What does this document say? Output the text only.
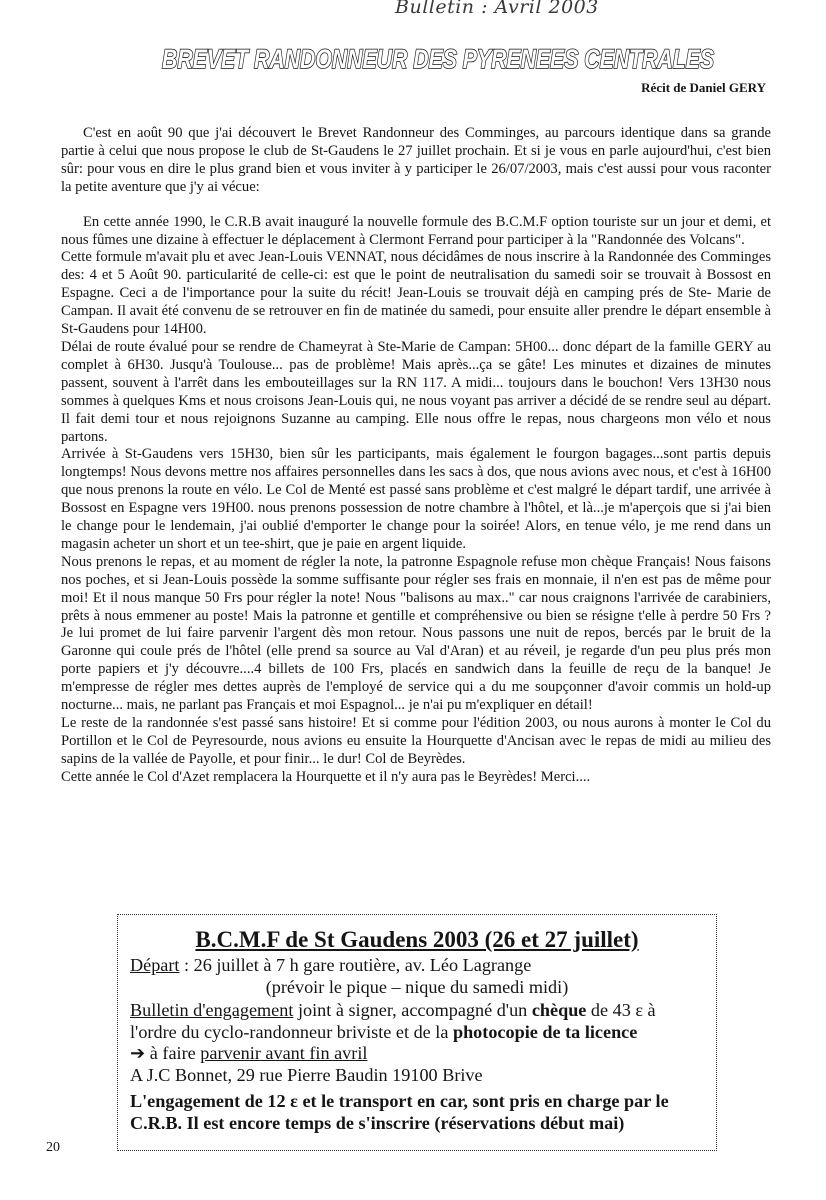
Bulletin : Avril 2003
BREVET RANDONNEUR DES PYRENEES CENTRALES
Récit de Daniel GERY

C'est en août 90 que j'ai découvert le Brevet Randonneur des Comminges, au parcours identique dans sa grande partie à celui que nous propose le club de St-Gaudens le 27 juillet prochain. Et si je vous en parle aujourd'hui, c'est bien sûr: pour vous en dire le plus grand bien et vous inviter à y participer le 26/07/2003, mais c'est aussi pour vous raconter la petite aventure que j'y ai vécue:

En cette année 1990, le C.R.B avait inauguré la nouvelle formule des B.C.M.F option touriste sur un jour et demi, et nous fûmes une dizaine à effectuer le déplacement à Clermont Ferrand pour participer à la "Randonnée des Volcans".

Cette formule m'avait plu et avec Jean-Louis VENNAT, nous décidâmes de nous inscrire à la Randonnée des Comminges des: 4 et 5 Août 90. particularité de celle-ci: est que le point de neutralisation du samedi soir se trouvait à Bossost en Espagne. Ceci a de l'importance pour la suite du récit! Jean-Louis se trouvait déjà en camping prés de Ste- Marie de Campan. Il avait été convenu de se retrouver en fin de matinée du samedi, pour ensuite aller prendre le départ ensemble à St-Gaudens pour 14H00.

Délai de route évalué pour se rendre de Chameyrat à Ste-Marie de Campan: 5H00... donc départ de la famille GERY au complet à 6H30. Jusqu'à Toulouse... pas de problème! Mais après...ça se gâte! Les minutes et dizaines de minutes passent, souvent à l'arrêt dans les embouteillages sur la RN 117. A midi... toujours dans le bouchon! Vers 13H30 nous sommes à quelques Kms et nous croisons Jean-Louis qui, ne nous voyant pas arriver a décidé de se rendre seul au départ. Il fait demi tour et nous rejoignons Suzanne au camping. Elle nous offre le repas, nous chargeons mon vélo et nous partons.

Arrivée à St-Gaudens vers 15H30, bien sûr les participants, mais également le fourgon bagages...sont partis depuis longtemps! Nous devons mettre nos affaires personnelles dans les sacs à dos, que nous avions avec nous, et c'est à 16H00 que nous prenons la route en vélo. Le Col de Menté est passé sans problème et c'est malgré le départ tardif, une arrivée à Bossost en Espagne vers 19H00. nous prenons possession de notre chambre à l'hôtel, et là...je m'aperçois que si j'ai bien le change pour le lendemain, j'ai oublié d'emporter le change pour la soirée! Alors, en tenue vélo, je me rend dans un magasin acheter un short et un tee-shirt, que je paie en argent liquide.

Nous prenons le repas, et au moment de régler la note, la patronne Espagnole refuse mon chèque Français! Nous faisons nos poches, et si Jean-Louis possède la somme suffisante pour régler ses frais en monnaie, il n'en est pas de même pour moi! Et il nous manque 50 Frs pour régler la note! Nous "balisons au max.." car nous craignons l'arrivée de carabiniers, prêts à nous emmener au poste! Mais la patronne et gentille et compréhensive ou bien se résigne t'elle à perdre 50 Frs ? Je lui promet de lui faire parvenir l'argent dès mon retour. Nous passons une nuit de repos, bercés par le bruit de la Garonne qui coule prés de l'hôtel (elle prend sa source au Val d'Aran) et au réveil, je regarde d'un peu plus prés mon porte papiers et j'y découvre....4 billets de 100 Frs, placés en sandwich dans la feuille de reçu de la banque! Je m'empresse de régler mes dettes auprès de l'employé de service qui a du me soupçonner d'avoir commis un hold-up nocturne... mais, ne parlant pas Français et moi Espagnol... je n'ai pu m'expliquer en détail!

Le reste de la randonnée s'est passé sans histoire! Et si comme pour l'édition 2003, ou nous aurons à monter le Col du Portillon et le Col de Peyresourde, nous avions eu ensuite la Hourquette d'Ancisan avec le repas de midi au milieu des sapins de la vallée de Payolle, et pour finir... le dur! Col de Beyrèdes.

Cette année le Col d'Azet remplacera la Hourquette et il n'y aura pas le Beyrèdes! Merci....

B.C.M.F de St Gaudens 2003 (26 et 27 juillet)
Départ : 26 juillet à 7 h gare routière, av. Léo Lagrange
(prévoir le pique – nique du samedi midi)
Bulletin d'engagement joint à signer, accompagné d'un chèque de 43 ε à l'ordre du cyclo-randonneur briviste et de la photocopie de ta licence
➔ à faire parvenir avant fin avril
A J.C Bonnet, 29 rue Pierre Baudin 19100 Brive
L'engagement de 12 ε et le transport en car, sont pris en charge par le C.R.B. Il est encore temps de s'inscrire (réservations début mai)
20
